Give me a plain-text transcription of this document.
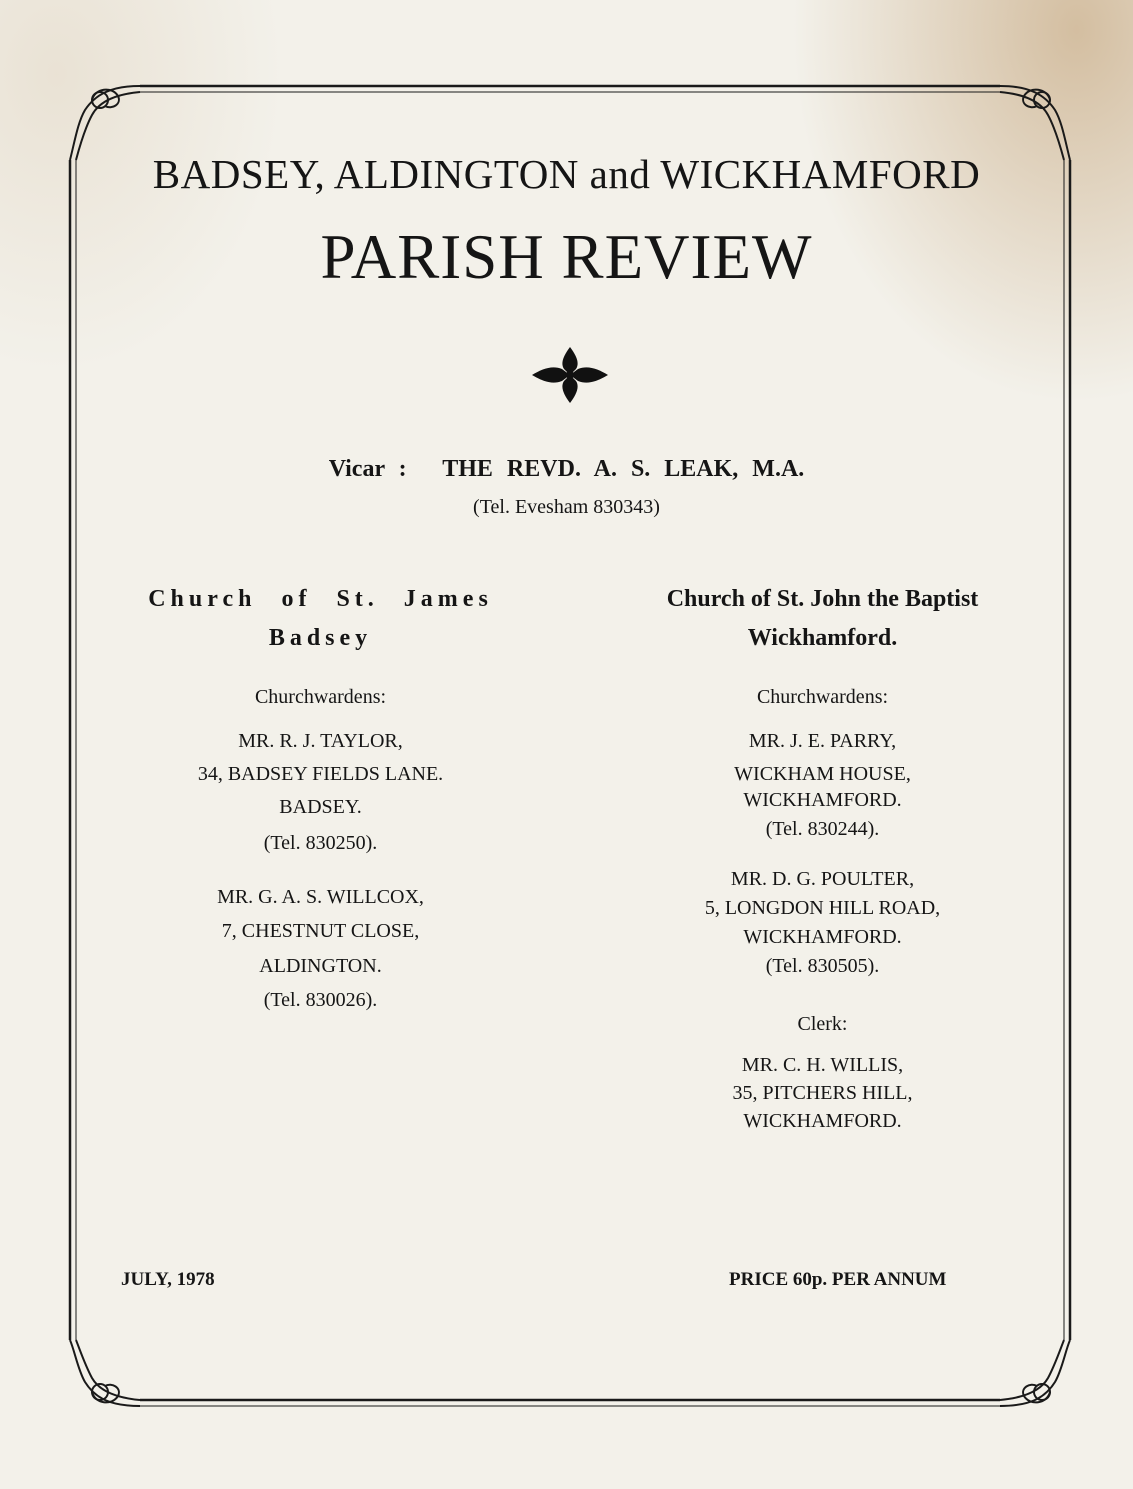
BADSEY, ALDINGTON and WICKHAMFORD
PARISH REVIEW
Vicar : THE REVD. A. S. LEAK, M.A.
(Tel. Evesham 830343)
Church of St. James
Badsey
Churchwardens:
MR. R. J. TAYLOR,
34, BADSEY FIELDS LANE.
BADSEY.
(Tel. 830250).
MR. G. A. S. WILLCOX,
7, CHESTNUT CLOSE,
ALDINGTON.
(Tel. 830026).
Church of St. John the Baptist
Wickhamford.
Churchwardens:
MR. J. E. PARRY,
WICKHAM HOUSE,
WICKHAMFORD.
(Tel. 830244).
MR. D. G. POULTER,
5, LONGDON HILL ROAD,
WICKHAMFORD.
(Tel. 830505).
Clerk:
MR. C. H. WILLIS,
35, PITCHERS HILL,
WICKHAMFORD.
JULY, 1978	PRICE 60p. PER ANNUM
